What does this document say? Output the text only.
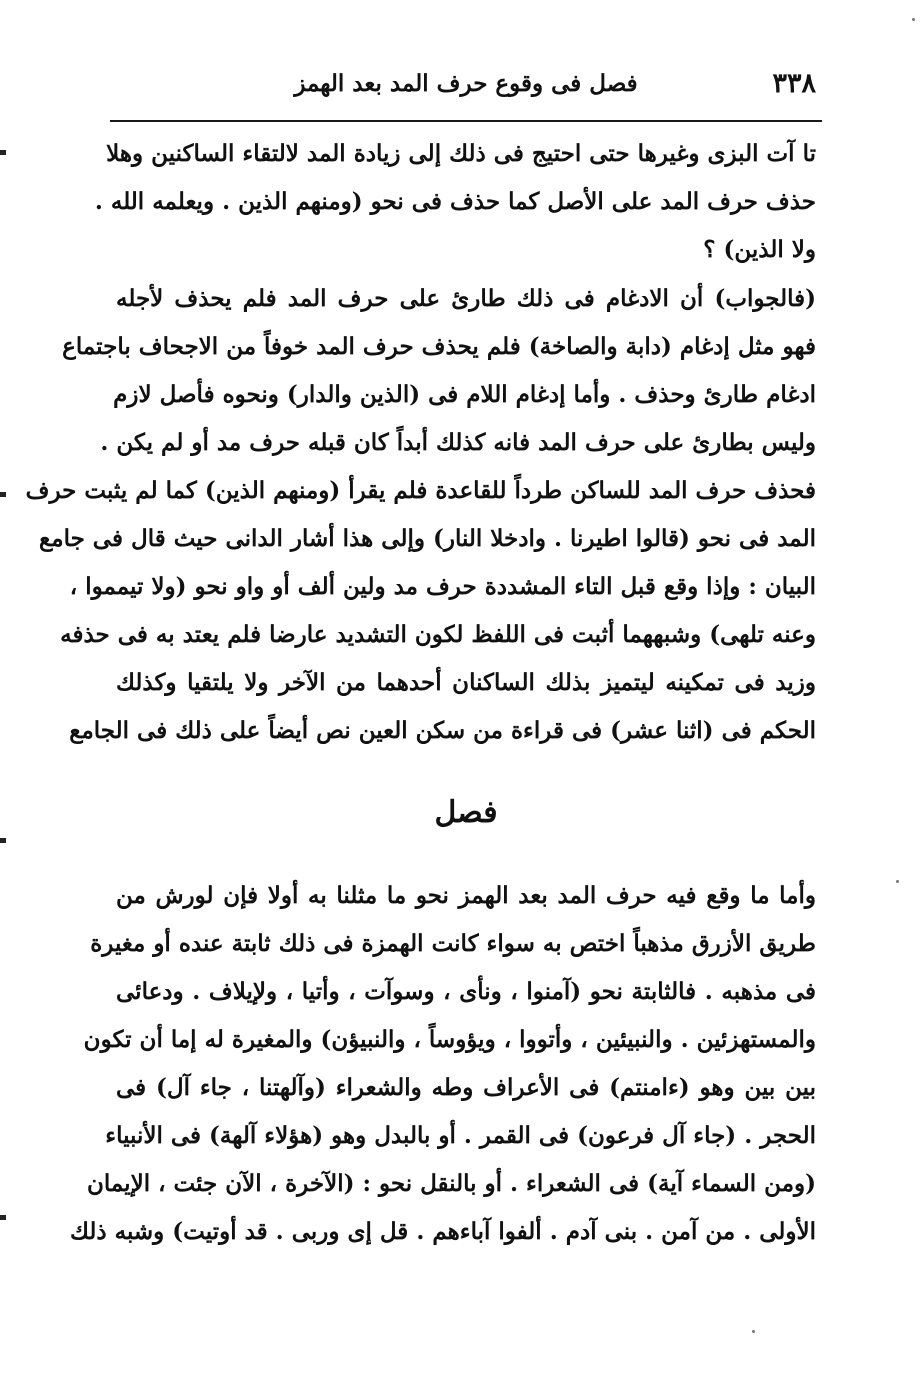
٣٣٨
فصل فى وقوع حرف المد بعد الهمز
تا آت البزى وغيرها حتى احتيج فى ذلك إلى زيادة المد لالتقاء الساكنين وهلا
حذف حرف المد على الأصل كما حذف فى نحو (ومنهم الذين . ويعلمه الله .
ولا الذين) ؟
(فالجواب) أن الادغام فى ذلك طارئ على حرف المد فلم يحذف لأجله
فهو مثل إدغام (دابة والصاخة) فلم يحذف حرف المد خوفاً من الاجحاف باجتماع
ادغام طارئ وحذف . وأما إدغام اللام فى (الذين والدار) ونحوه فأصل لازم
وليس بطارئ على حرف المد فانه كذلك أبداً كان قبله حرف مد أو لم يكن .
فحذف حرف المد للساكن طرداً للقاعدة فلم يقرأ (ومنهم الذين) كما لم يثبت حرف
المد فى نحو (قالوا اطيرنا . وادخلا النار) وإلى هذا أشار الدانى حيث قال فى جامع
البيان : وإذا وقع قبل التاء المشددة حرف مد ولين ألف أو واو نحو (ولا تيمموا ،
وعنه تلهى) وشبههما أثبت فى اللفظ لكون التشديد عارضا فلم يعتد به فى حذفه
وزيد فى تمكينه ليتميز بذلك الساكنان أحدهما من الآخر ولا يلتقيا وكذلك
الحكم فى (اثنا عشر) فى قراءة من سكن العين نص أيضاً على ذلك فى الجامع
فصل
وأما ما وقع فيه حرف المد بعد الهمز نحو ما مثلنا به أولا فإن لورش من
طريق الأزرق مذهباً اختص به سواء كانت الهمزة فى ذلك ثابتة عنده أو مغيرة
فى مذهبه . فالثابتة نحو (آمنوا ، ونأى ، وسوآت ، وأتيا ، ولإيلاف . ودعائى
والمستهزئين . والنبيئين ، وأتووا ، ويؤوساً ، والنبيؤن) والمغيرة له إما أن تكون
بين بين وهو (ءامنتم) فى الأعراف وطه والشعراء (وآلهتنا ، جاء آل) فى
الحجر . (جاء آل فرعون) فى القمر . أو بالبدل وهو (هؤلاء آلهة) فى الأنبياء
(ومن السماء آية) فى الشعراء . أو بالنقل نحو : (الآخرة ، الآن جئت ، الإيمان
الأولى . من آمن . بنى آدم . ألفوا آباءهم . قل إى وربى . قد أوتيت) وشبه ذلك
